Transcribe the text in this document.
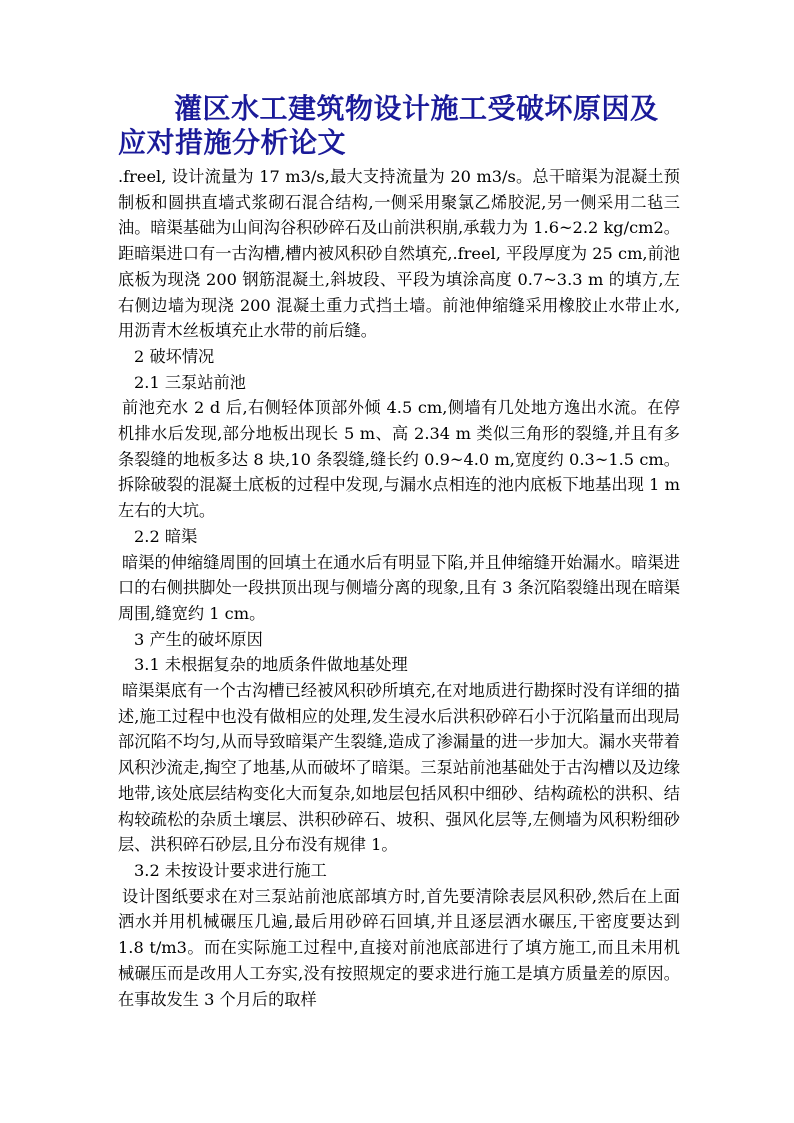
灌区水工建筑物设计施工受破坏原因及应对措施分析论文

.freel, 设计流量为 17 m3/s,最大支持流量为 20 m3/s。总干暗渠为混凝土预制板和圆拱直墙式浆砌石混合结构,一侧采用聚氯乙烯胶泥,另一侧采用二毡三油。暗渠基础为山间沟谷积砂碎石及山前洪积崩,承载力为 1.6~2.2 kg/cm2。距暗渠进口有一古沟槽,槽内被风积砂自然填充,.freel, 平段厚度为 25 cm,前池底板为现浇 200 钢筋混凝土,斜坡段、平段为填涂高度 0.7~3.3 m 的填方,左右侧边墙为现浇 200 混凝土重力式挡土墙。前池伸缩缝采用橡胶止水带止水,用沥青木丝板填充止水带的前后缝。

2 破坏情况

2.1 三泵站前池

前池充水 2 d 后,右侧轻体顶部外倾 4.5 cm,侧墙有几处地方逸出水流。在停机排水后发现,部分地板出现长 5 m、高 2.34 m 类似三角形的裂缝,并且有多条裂缝的地板多达 8 块,10 条裂缝,缝长约 0.9~4.0 m,宽度约 0.3~1.5 cm。拆除破裂的混凝土底板的过程中发现,与漏水点相连的池内底板下地基出现 1 m 左右的大坑。

2.2 暗渠

暗渠的伸缩缝周围的回填土在通水后有明显下陷,并且伸缩缝开始漏水。暗渠进口的右侧拱脚处一段拱顶出现与侧墙分离的现象,且有 3 条沉陷裂缝出现在暗渠周围,缝宽约 1 cm。

3 产生的破坏原因

3.1 未根据复杂的地质条件做地基处理

暗渠渠底有一个古沟槽已经被风积砂所填充,在对地质进行勘探时没有详细的描述,施工过程中也没有做相应的处理,发生浸水后洪积砂碎石小于沉陷量而出现局部沉陷不均匀,从而导致暗渠产生裂缝,造成了渗漏量的进一步加大。漏水夹带着风积沙流走,掏空了地基,从而破坏了暗渠。三泵站前池基础处于古沟槽以及边缘地带,该处底层结构变化大而复杂,如地层包括风积中细砂、结构疏松的洪积、结构较疏松的杂质土壤层、洪积砂碎石、坡积、强风化层等,左侧墙为风积粉细砂层、洪积碎石砂层,且分布没有规律 1。

3.2 未按设计要求进行施工

设计图纸要求在对三泵站前池底部填方时,首先要清除表层风积砂,然后在上面洒水并用机械碾压几遍,最后用砂碎石回填,并且逐层洒水碾压,干密度要达到 1.8 t/m3。而在实际施工过程中,直接对前池底部进行了填方施工,而且未用机械碾压而是改用人工夯实,没有按照规定的要求进行施工是填方质量差的原因。在事故发生 3 个月后的取样
